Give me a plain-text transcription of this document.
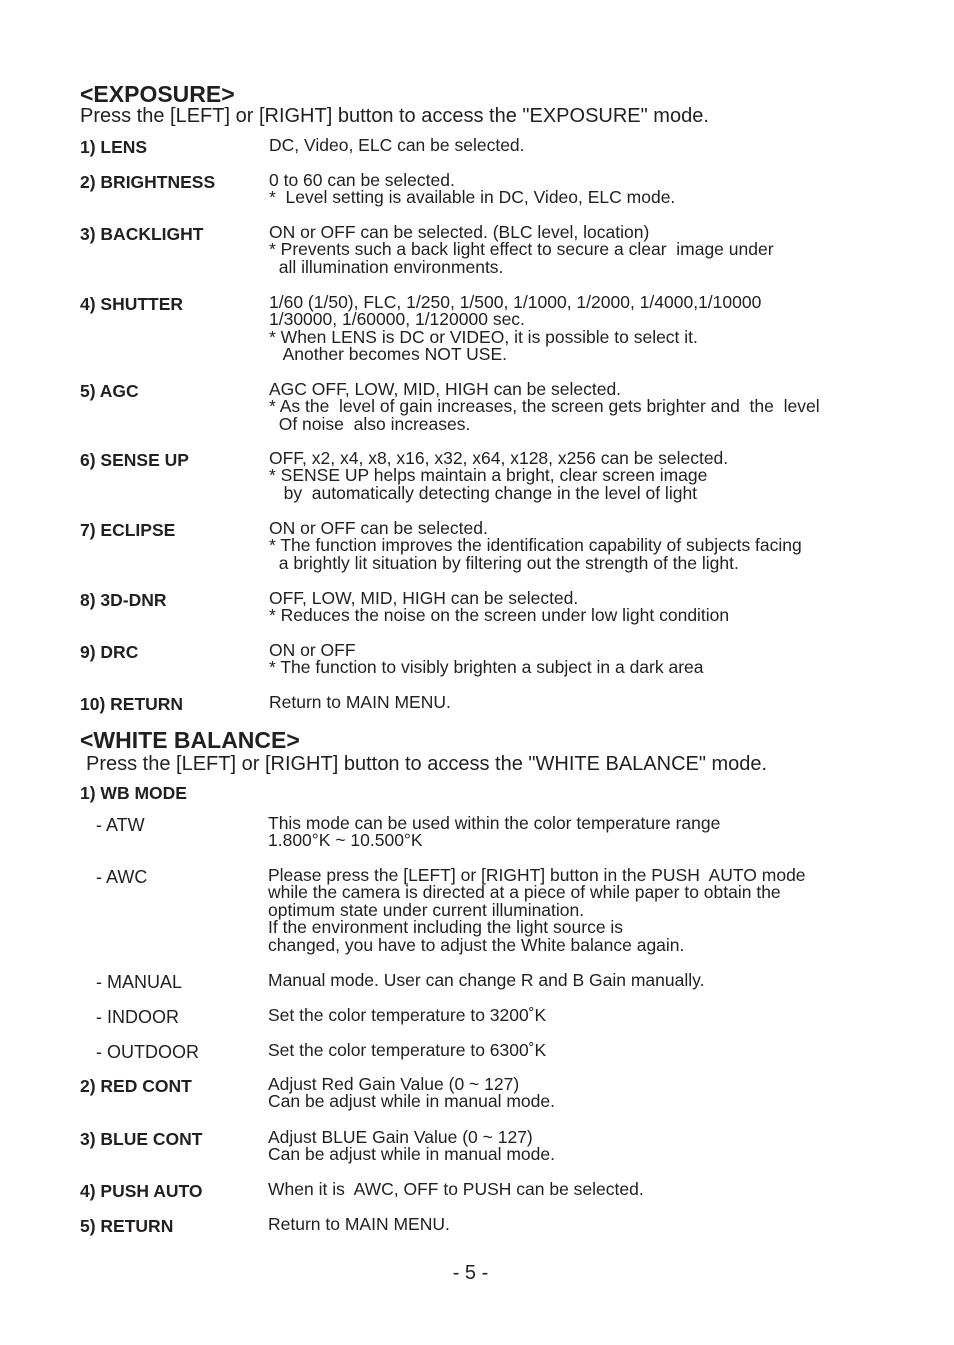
<EXPOSURE>

Press the [LEFT] or [RIGHT] button to access the "EXPOSURE" mode.

1) LENS	DC, Video, ELC can be selected.
2) BRIGHTNESS	0 to 60 can be selected.
*  Level setting is available in DC, Video, ELC mode.
3) BACKLIGHT	ON or OFF can be selected. (BLC level, location)
* Prevents such a back light effect to secure a clear  image under
all illumination environments.
4) SHUTTER	1/60 (1/50), FLC, 1/250, 1/500, 1/1000, 1/2000, 1/4000,1/10000
1/30000, 1/60000, 1/120000 sec.
* When LENS is DC or VIDEO, it is possible to select it.
Another becomes NOT USE.
5) AGC	AGC OFF, LOW, MID, HIGH can be selected.
* As the  level of gain increases, the screen gets brighter and  the  level
Of noise  also increases.
6) SENSE UP	OFF, x2, x4, x8, x16, x32, x64, x128, x256 can be selected.
* SENSE UP helps maintain a bright, clear screen image
by  automatically detecting change in the level of light
7) ECLIPSE	ON or OFF can be selected.
* The function improves the identification capability of subjects facing
a brightly lit situation by filtering out the strength of the light.
8) 3D-DNR	OFF, LOW, MID, HIGH can be selected.
* Reduces the noise on the screen under low light condition
9) DRC	ON or OFF
* The function to visibly brighten a subject in a dark area
10) RETURN	Return to MAIN MENU.
<WHITE BALANCE>

Press the [LEFT] or [RIGHT] button to access the "WHITE BALANCE" mode.

1) WB MODE
- ATW	This mode can be used within the color temperature range
1.800°K ~ 10.500°K
- AWC	Please press the [LEFT] or [RIGHT] button in the PUSH  AUTO mode
while the camera is directed at a piece of while paper to obtain the
optimum state under current illumination.
If the environment including the light source is
changed, you have to adjust the White balance again.
- MANUAL	Manual mode. User can change R and B Gain manually.
- INDOOR	Set the color temperature to 3200˚K
- OUTDOOR	Set the color temperature to 6300˚K
2) RED CONT	Adjust Red Gain Value (0 ~ 127)
Can be adjust while in manual mode.
3) BLUE CONT	Adjust BLUE Gain Value (0 ~ 127)
Can be adjust while in manual mode.
4) PUSH AUTO	When it is  AWC, OFF to PUSH can be selected.
5) RETURN	Return to MAIN MENU.
- 5 -
